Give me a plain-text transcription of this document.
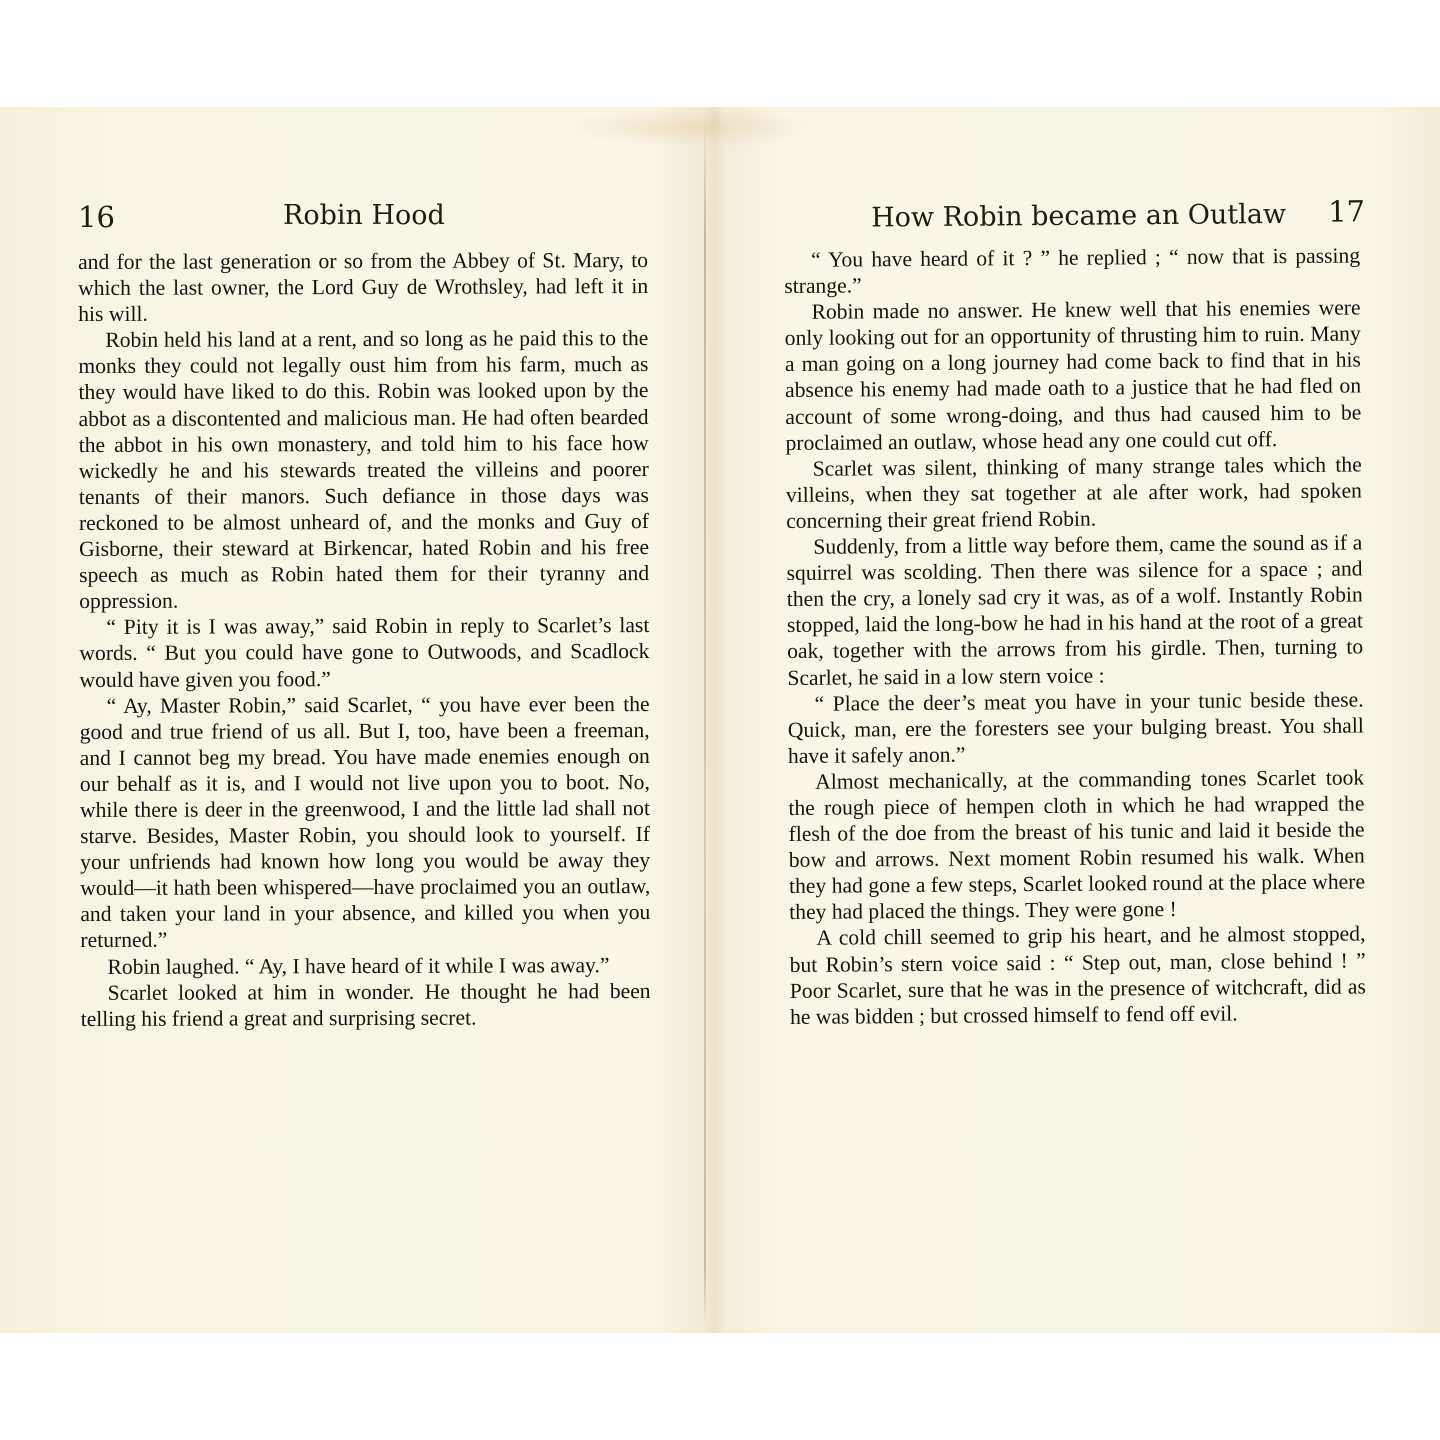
16	Robin Hood

and for the last generation or so from the Abbey of St. Mary, to which the last owner, the Lord Guy de Wrothsley, had left it in his will.

Robin held his land at a rent, and so long as he paid this to the monks they could not legally oust him from his farm, much as they would have liked to do this. Robin was looked upon by the abbot as a discontented and malicious man. He had often bearded the abbot in his own monastery, and told him to his face how wickedly he and his stewards treated the villeins and poorer tenants of their manors. Such defiance in those days was reckoned to be almost unheard of, and the monks and Guy of Gisborne, their steward at Birkencar, hated Robin and his free speech as much as Robin hated them for their tyranny and oppression.

“ Pity it is I was away,” said Robin in reply to Scarlet’s last words. “ But you could have gone to Outwoods, and Scadlock would have given you food.”

“ Ay, Master Robin,” said Scarlet, “ you have ever been the good and true friend of us all. But I, too, have been a freeman, and I cannot beg my bread. You have made enemies enough on our behalf as it is, and I would not live upon you to boot. No, while there is deer in the greenwood, I and the little lad shall not starve. Besides, Master Robin, you should look to yourself. If your unfriends had known how long you would be away they would—it hath been whispered—have proclaimed you an outlaw, and taken your land in your absence, and killed you when you returned.”

Robin laughed. “ Ay, I have heard of it while I was away.”

Scarlet looked at him in wonder. He thought he had been telling his friend a great and surprising secret.

How Robin became an Outlaw 17

“ You have heard of it ? ” he replied ; “ now that is passing strange.”

Robin made no answer. He knew well that his enemies were only looking out for an opportunity of thrusting him to ruin. Many a man going on a long journey had come back to find that in his absence his enemy had made oath to a justice that he had fled on account of some wrong-doing, and thus had caused him to be proclaimed an outlaw, whose head any one could cut off.

Scarlet was silent, thinking of many strange tales which the villeins, when they sat together at ale after work, had spoken concerning their great friend Robin.

Suddenly, from a little way before them, came the sound as if a squirrel was scolding. Then there was silence for a space ; and then the cry, a lonely sad cry it was, as of a wolf. Instantly Robin stopped, laid the long-bow he had in his hand at the root of a great oak, together with the arrows from his girdle. Then, turning to Scarlet, he said in a low stern voice :

“ Place the deer’s meat you have in your tunic beside these. Quick, man, ere the foresters see your bulging breast. You shall have it safely anon.”

Almost mechanically, at the commanding tones Scarlet took the rough piece of hempen cloth in which he had wrapped the flesh of the doe from the breast of his tunic and laid it beside the bow and arrows. Next moment Robin resumed his walk. When they had gone a few steps, Scarlet looked round at the place where they had placed the things. They were gone !

A cold chill seemed to grip his heart, and he almost stopped, but Robin’s stern voice said : “ Step out, man, close behind ! ” Poor Scarlet, sure that he was in the presence of witchcraft, did as he was bidden ; but crossed himself to fend off evil.
